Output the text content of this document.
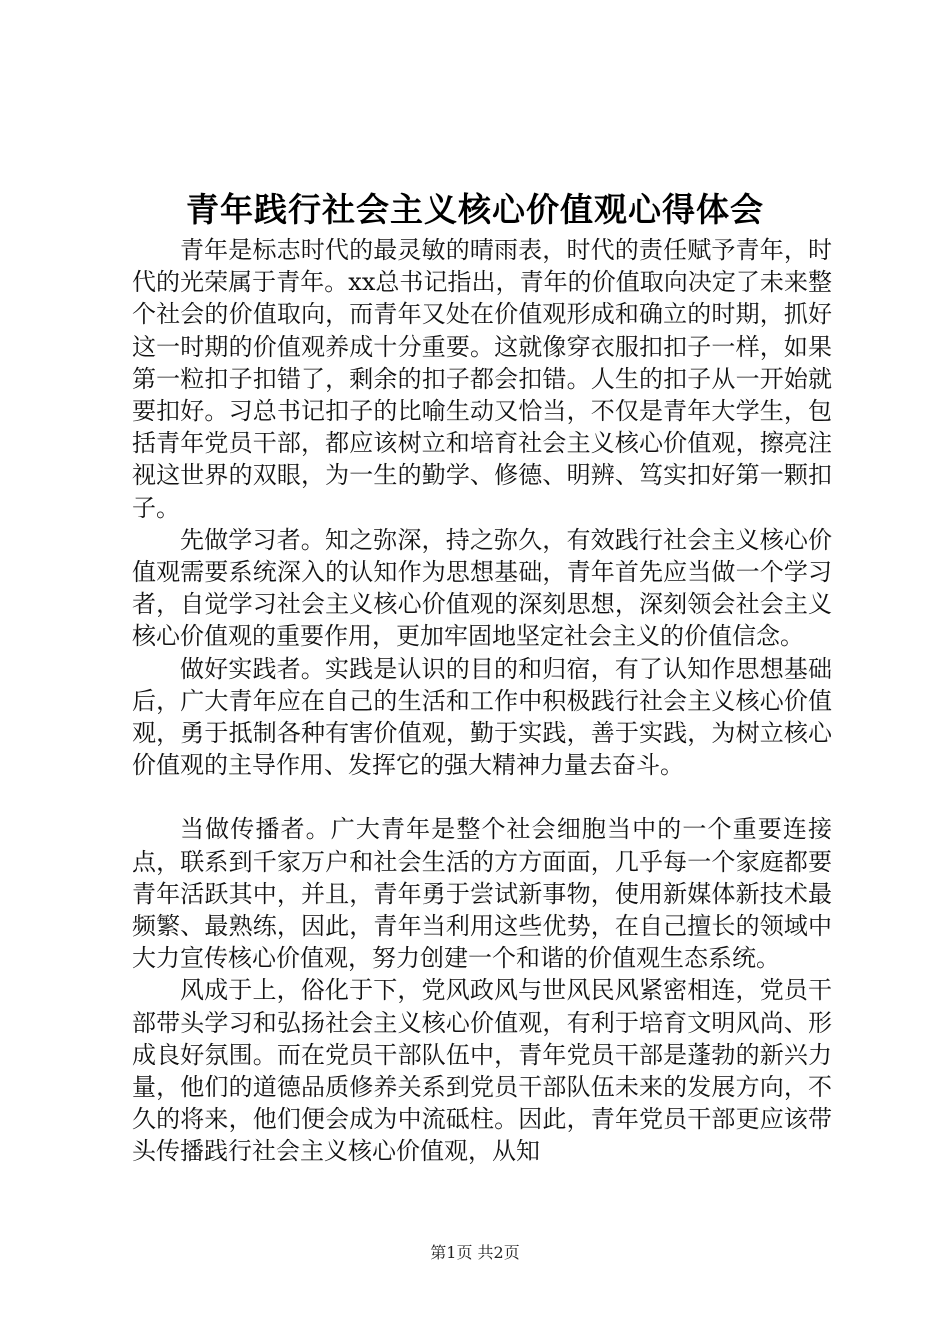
青年践行社会主义核心价值观心得体会

青年是标志时代的最灵敏的晴雨表，时代的责任赋予青年，时代的光荣属于青年。xx总书记指出，青年的价值取向决定了未来整个社会的价值取向，而青年又处在价值观形成和确立的时期，抓好这一时期的价值观养成十分重要。这就像穿衣服扣扣子一样，如果第一粒扣子扣错了，剩余的扣子都会扣错。人生的扣子从一开始就要扣好。习总书记扣子的比喻生动又恰当，不仅是青年大学生，包括青年党员干部，都应该树立和培育社会主义核心价值观，擦亮注视这世界的双眼，为一生的勤学、修德、明辨、笃实扣好第一颗扣子。

先做学习者。知之弥深，持之弥久，有效践行社会主义核心价值观需要系统深入的认知作为思想基础，青年首先应当做一个学习者，自觉学习社会主义核心价值观的深刻思想，深刻领会社会主义核心价值观的重要作用，更加牢固地坚定社会主义的价值信念。

做好实践者。实践是认识的目的和归宿，有了认知作思想基础后，广大青年应在自己的生活和工作中积极践行社会主义核心价值观，勇于抵制各种有害价值观，勤于实践，善于实践，为树立核心价值观的主导作用、发挥它的强大精神力量去奋斗。

当做传播者。广大青年是整个社会细胞当中的一个重要连接点，联系到千家万户和社会生活的方方面面，几乎每一个家庭都要青年活跃其中，并且，青年勇于尝试新事物，使用新媒体新技术最频繁、最熟练，因此，青年当利用这些优势，在自己擅长的领域中大力宣传核心价值观，努力创建一个和谐的价值观生态系统。

风成于上，俗化于下，党风政风与世风民风紧密相连，党员干部带头学习和弘扬社会主义核心价值观，有利于培育文明风尚、形成良好氛围。而在党员干部队伍中，青年党员干部是蓬勃的新兴力量，他们的道德品质修养关系到党员干部队伍未来的发展方向，不久的将来，他们便会成为中流砥柱。因此，青年党员干部更应该带头传播践行社会主义核心价值观，从知

第1页 共2页
